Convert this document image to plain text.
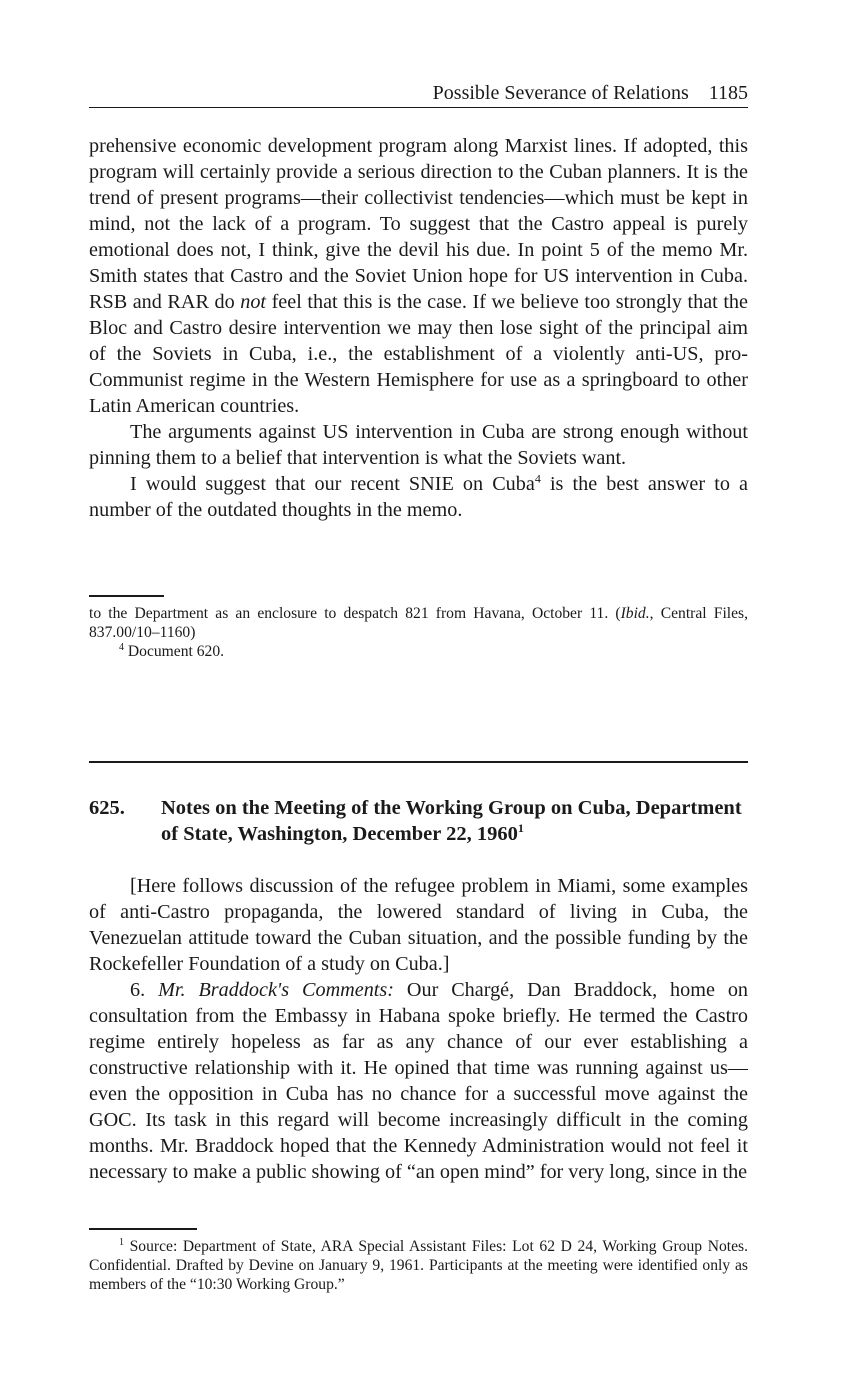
Possible Severance of Relations 1185

prehensive economic development program along Marxist lines. If adopted, this program will certainly provide a serious direction to the Cuban planners. It is the trend of present programs—their collectivist tendencies—which must be kept in mind, not the lack of a program. To suggest that the Castro appeal is purely emotional does not, I think, give the devil his due. In point 5 of the memo Mr. Smith states that Castro and the Soviet Union hope for US intervention in Cuba. RSB and RAR do not feel that this is the case. If we believe too strongly that the Bloc and Castro desire intervention we may then lose sight of the principal aim of the Soviets in Cuba, i.e., the establishment of a violently anti-US, pro-Communist regime in the Western Hemisphere for use as a springboard to other Latin American countries.

The arguments against US intervention in Cuba are strong enough without pinning them to a belief that intervention is what the Soviets want.

I would suggest that our recent SNIE on Cuba$^4$ is the best answer to a number of the outdated thoughts in the memo.

to the Department as an enclosure to despatch 821 from Havana, October 11. (Ibid., Central Files, 837.00/10–1160)

$^4$ Document 620.

625. Notes on the Meeting of the Working Group on Cuba, Department of State, Washington, December 22, 1960$^1$

[Here follows discussion of the refugee problem in Miami, some examples of anti-Castro propaganda, the lowered standard of living in Cuba, the Venezuelan attitude toward the Cuban situation, and the possible funding by the Rockefeller Foundation of a study on Cuba.]

6. Mr. Braddock's Comments: Our Chargé, Dan Braddock, home on consultation from the Embassy in Habana spoke briefly. He termed the Castro regime entirely hopeless as far as any chance of our ever establishing a constructive relationship with it. He opined that time was running against us—even the opposition in Cuba has no chance for a successful move against the GOC. Its task in this regard will become increasingly difficult in the coming months. Mr. Braddock hoped that the Kennedy Administration would not feel it necessary to make a public showing of “an open mind” for very long, since in the

$^1$ Source: Department of State, ARA Special Assistant Files: Lot 62 D 24, Working Group Notes. Confidential. Drafted by Devine on January 9, 1961. Participants at the meeting were identified only as members of the “10:30 Working Group.”
